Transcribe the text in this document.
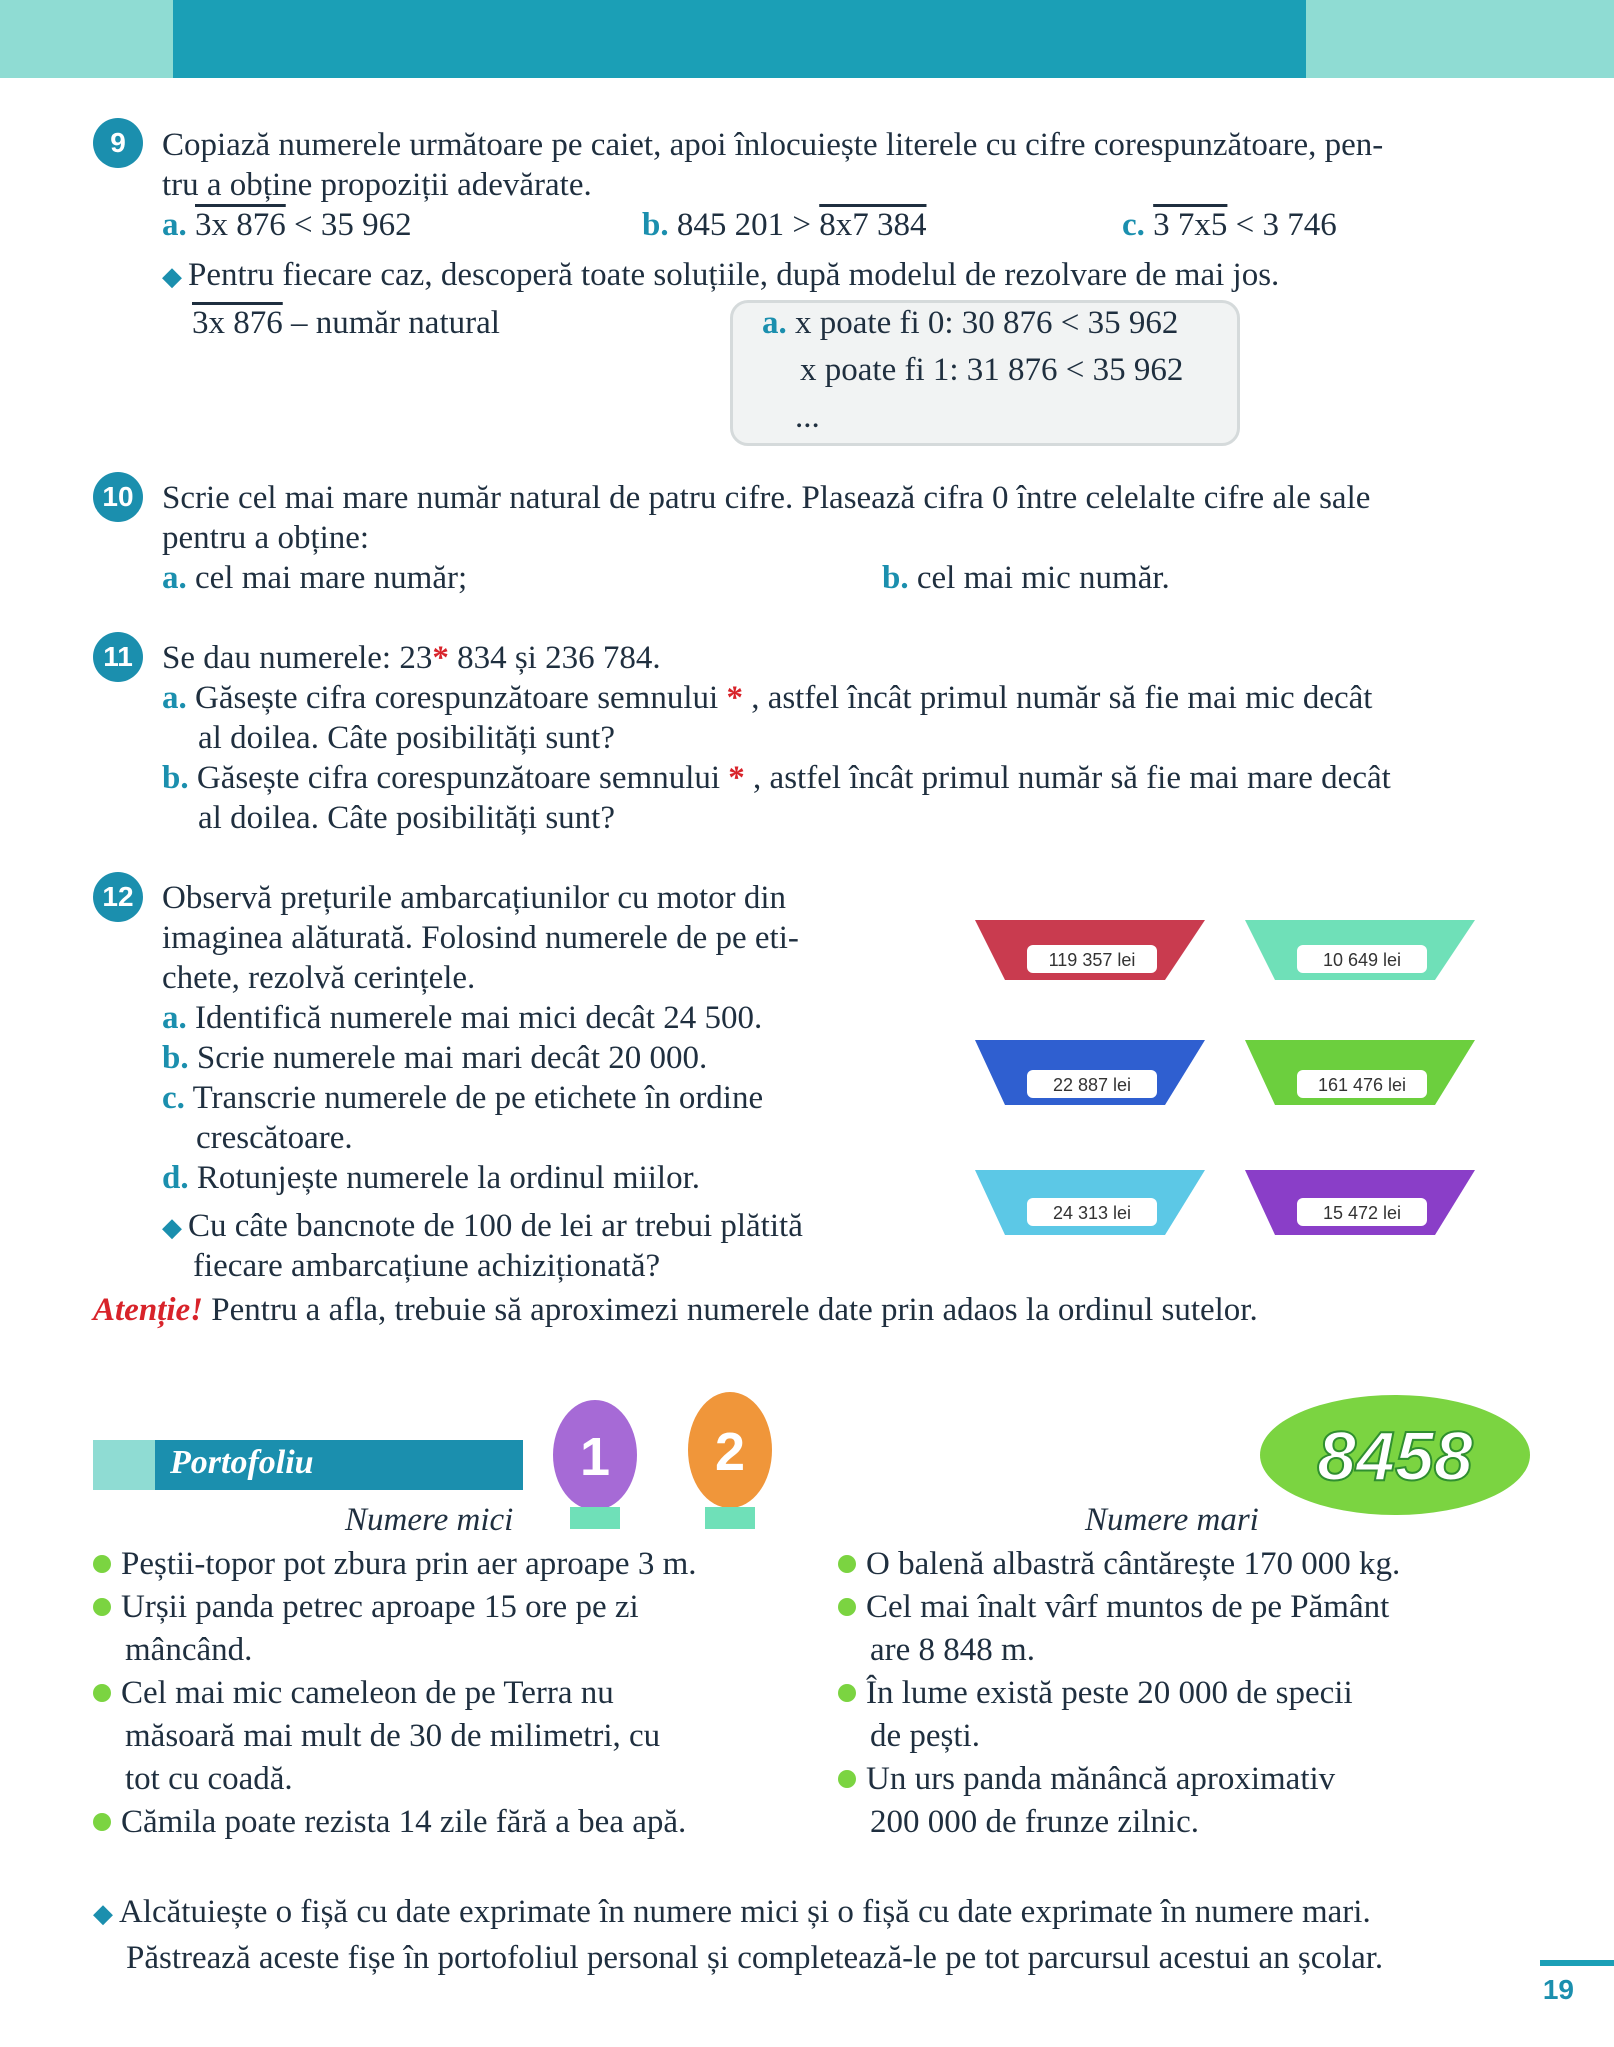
9	Copiază numerele următoare pe caiet, apoi înlocuiește literele cu cifre corespunzătoare, pen-
tru a obține propoziții adevărate.
a. 3x 876 < 35 962	b. 845 201 > 8x7 384	c. 3 7x5 < 3 746
◆ Pentru fiecare caz, descoperă toate soluțiile, după modelul de rezolvare de mai jos.
3x 876 – număr natural	a. x poate fi 0: 30 876 < 35 962
x poate fi 1: 31 876 < 35 962
...
10 Scrie cel mai mare număr natural de patru cifre. Plasează cifra 0 între celelalte cifre ale sale
pentru a obține:
a. cel mai mare număr;	b. cel mai mic număr.
11 Se dau numerele: 23* 834 și 236 784.
a. Găsește cifra corespunzătoare semnului * , astfel încât primul număr să fie mai mic decât
al doilea. Câte posibilități sunt?
b. Găsește cifra corespunzătoare semnului * , astfel încât primul număr să fie mai mare decât
al doilea. Câte posibilități sunt?
12 Observă prețurile ambarcațiunilor cu motor din
imaginea alăturată. Folosind numerele de pe eti-
chete, rezolvă cerințele.
a. Identifică numerele mai mici decât 24 500.
b. Scrie numerele mai mari decât 20 000.
c. Transcrie numerele de pe etichete în ordine
crescătoare.
d. Rotunjește numerele la ordinul miilor.
◆ Cu câte bancnote de 100 de lei ar trebui plătită
fiecare ambarcațiune achiziționată?
Atenție! Pentru a afla, trebuie să aproximezi numerele date prin adaos la ordinul sutelor.
119 357 lei	10 649 lei
22 887 lei	161 476 lei
24 313 lei	15 472 lei
Portofoliu	1 2	8458
Numere mici	Numere mari
Peștii-topor pot zbura prin aer aproape 3 m.
Urșii panda petrec aproape 15 ore pe zi
mâncând.
Cel mai mic cameleon de pe Terra nu
măsoară mai mult de 30 de milimetri, cu
tot cu coadă.
Cămila poate rezista 14 zile fără a bea apă.
O balenă albastră cântărește 170 000 kg.
Cel mai înalt vârf muntos de pe Pământ
are 8 848 m.
În lume există peste 20 000 de specii
de pești.
Un urs panda mănâncă aproximativ
200 000 de frunze zilnic.
◆ Alcătuiește o fișă cu date exprimate în numere mici și o fișă cu date exprimate în numere mari.
Păstrează aceste fișe în portofoliul personal și completează-le pe tot parcursul acestui an școlar.
19
